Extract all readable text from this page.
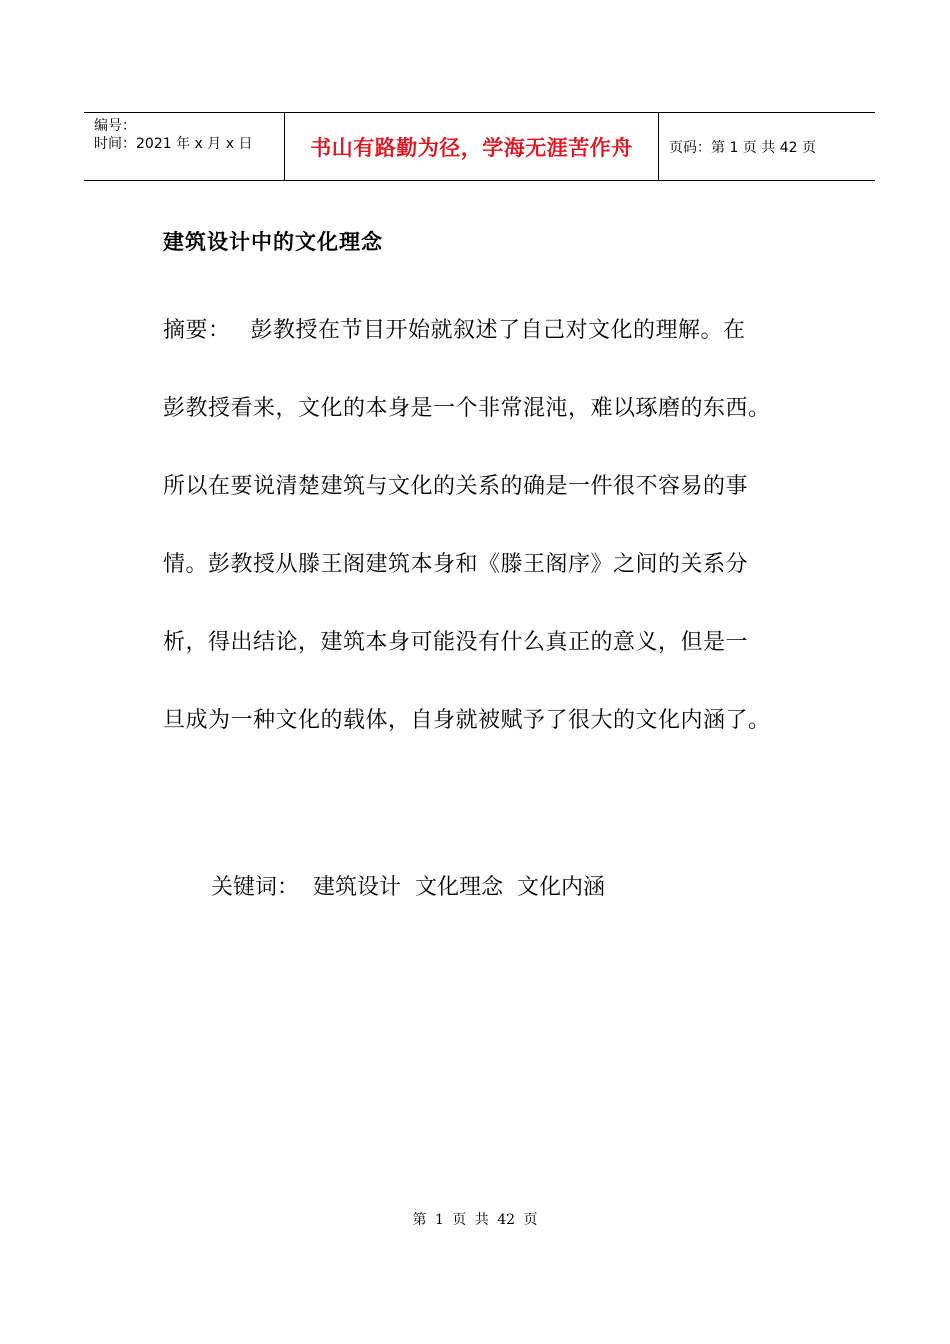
编号：
时间：2021 年 x 月 x 日	书山有路勤为径，学海无涯苦作舟	页码：第 1 页 共 42 页
建筑设计中的文化理念
摘要： 彭教授在节目开始就叙述了自己对文化的理解。在
彭教授看来，文化的本身是一个非常混沌，难以琢磨的东西。
所以在要说清楚建筑与文化的关系的确是一件很不容易的事
情。彭教授从滕王阁建筑本身和《滕王阁序》之间的关系分
析，得出结论，建筑本身可能没有什么真正的意义，但是一
旦成为一种文化的载体，自身就被赋予了很大的文化内涵了。
关键词：  建筑设计  文化理念  文化内涵
第 1 页 共 42 页
